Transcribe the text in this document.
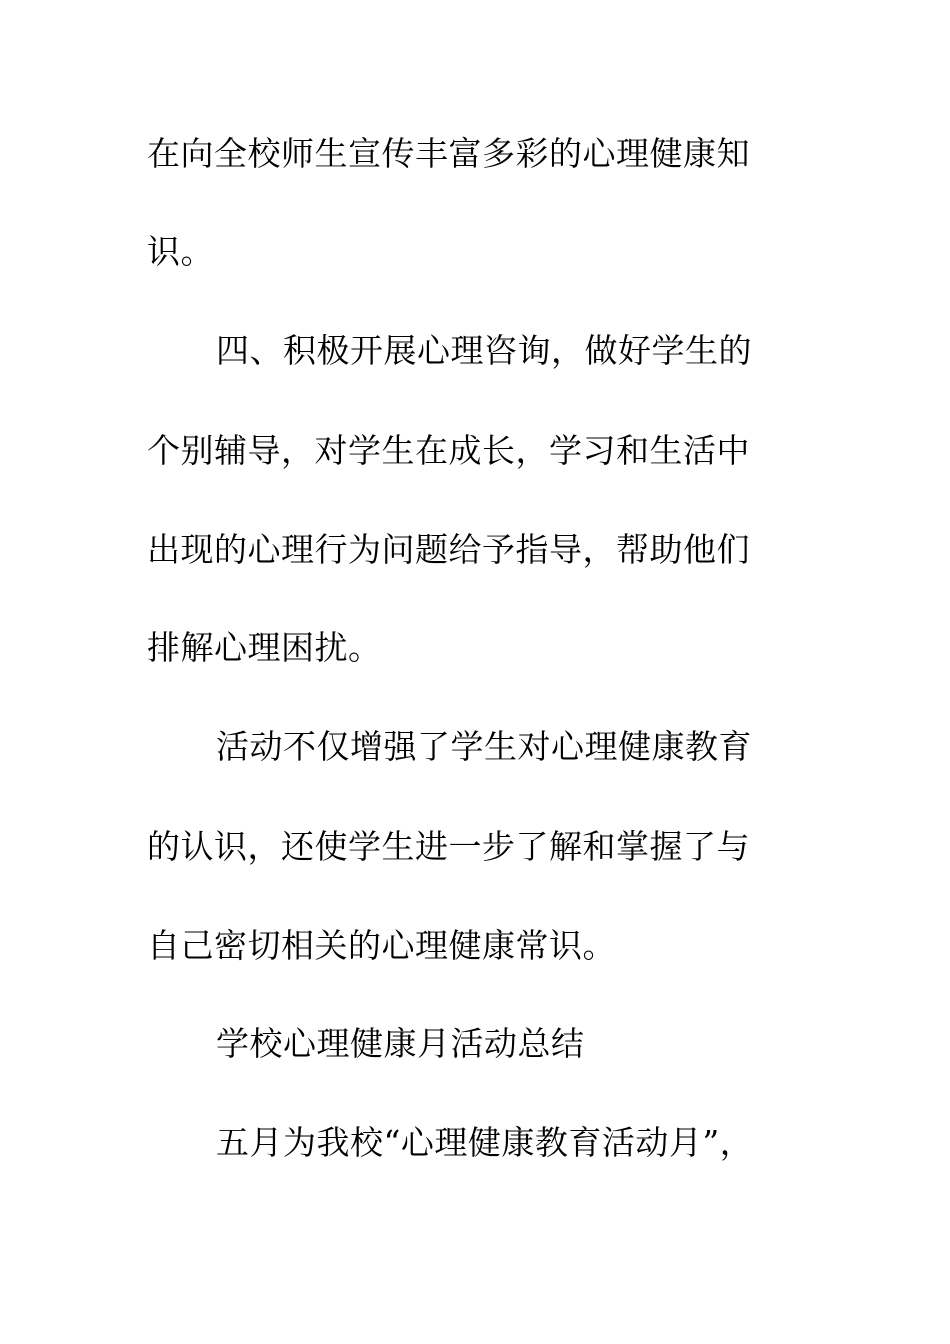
在向全校师生宣传丰富多彩的心理健康知
识。
四、积极开展心理咨询，做好学生的
个别辅导，对学生在成长，学习和生活中
出现的心理行为问题给予指导，帮助他们
排解心理困扰。
活动不仅增强了学生对心理健康教育
的认识，还使学生进一步了解和掌握了与
自己密切相关的心理健康常识。
学校心理健康月活动总结
五月为我校“心理健康教育活动月”，
